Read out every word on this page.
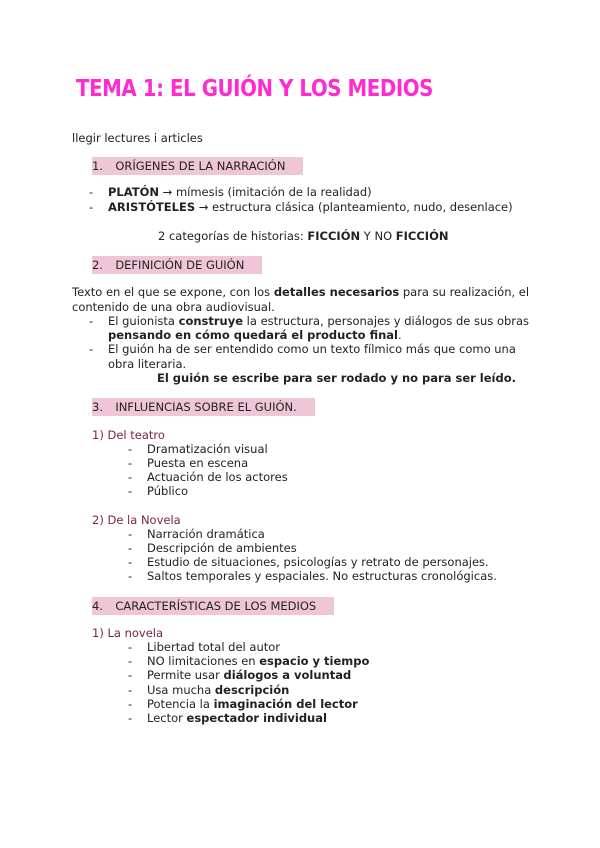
TEMA 1: EL GUIÓN Y LOS MEDIOS
llegir lectures i articles
1. ORÍGENES DE LA NARRACIÓN
- PLATÓN → mímesis (imitación de la realidad)
- ARISTÓTELES → estructura clásica (planteamiento, nudo, desenlace)
2 categorías de historias: FICCIÓN Y NO FICCIÓN
2. DEFINICIÓN DE GUIÓN
Texto en el que se expone, con los detalles necesarios para su realización, el
contenido de una obra audiovisual.
- El guionista construye la estructura, personajes y diálogos de sus obras
pensando en cómo quedará el producto final.
- El guión ha de ser entendido como un texto fílmico más que como una
obra literaria.
El guión se escribe para ser rodado y no para ser leído.
3. INFLUENCIAS SOBRE EL GUIÓN.
1) Del teatro
- Dramatización visual
- Puesta en escena
- Actuación de los actores
- Público
2) De la Novela
- Narración dramática
- Descripción de ambientes
- Estudio de situaciones, psicologías y retrato de personajes.
- Saltos temporales y espaciales. No estructuras cronológicas.
4. CARACTERÍSTICAS DE LOS MEDIOS
1) La novela
- Libertad total del autor
- NO limitaciones en espacio y tiempo
- Permite usar diálogos a voluntad
- Usa mucha descripción
- Potencia la imaginación del lector
- Lector espectador individual
